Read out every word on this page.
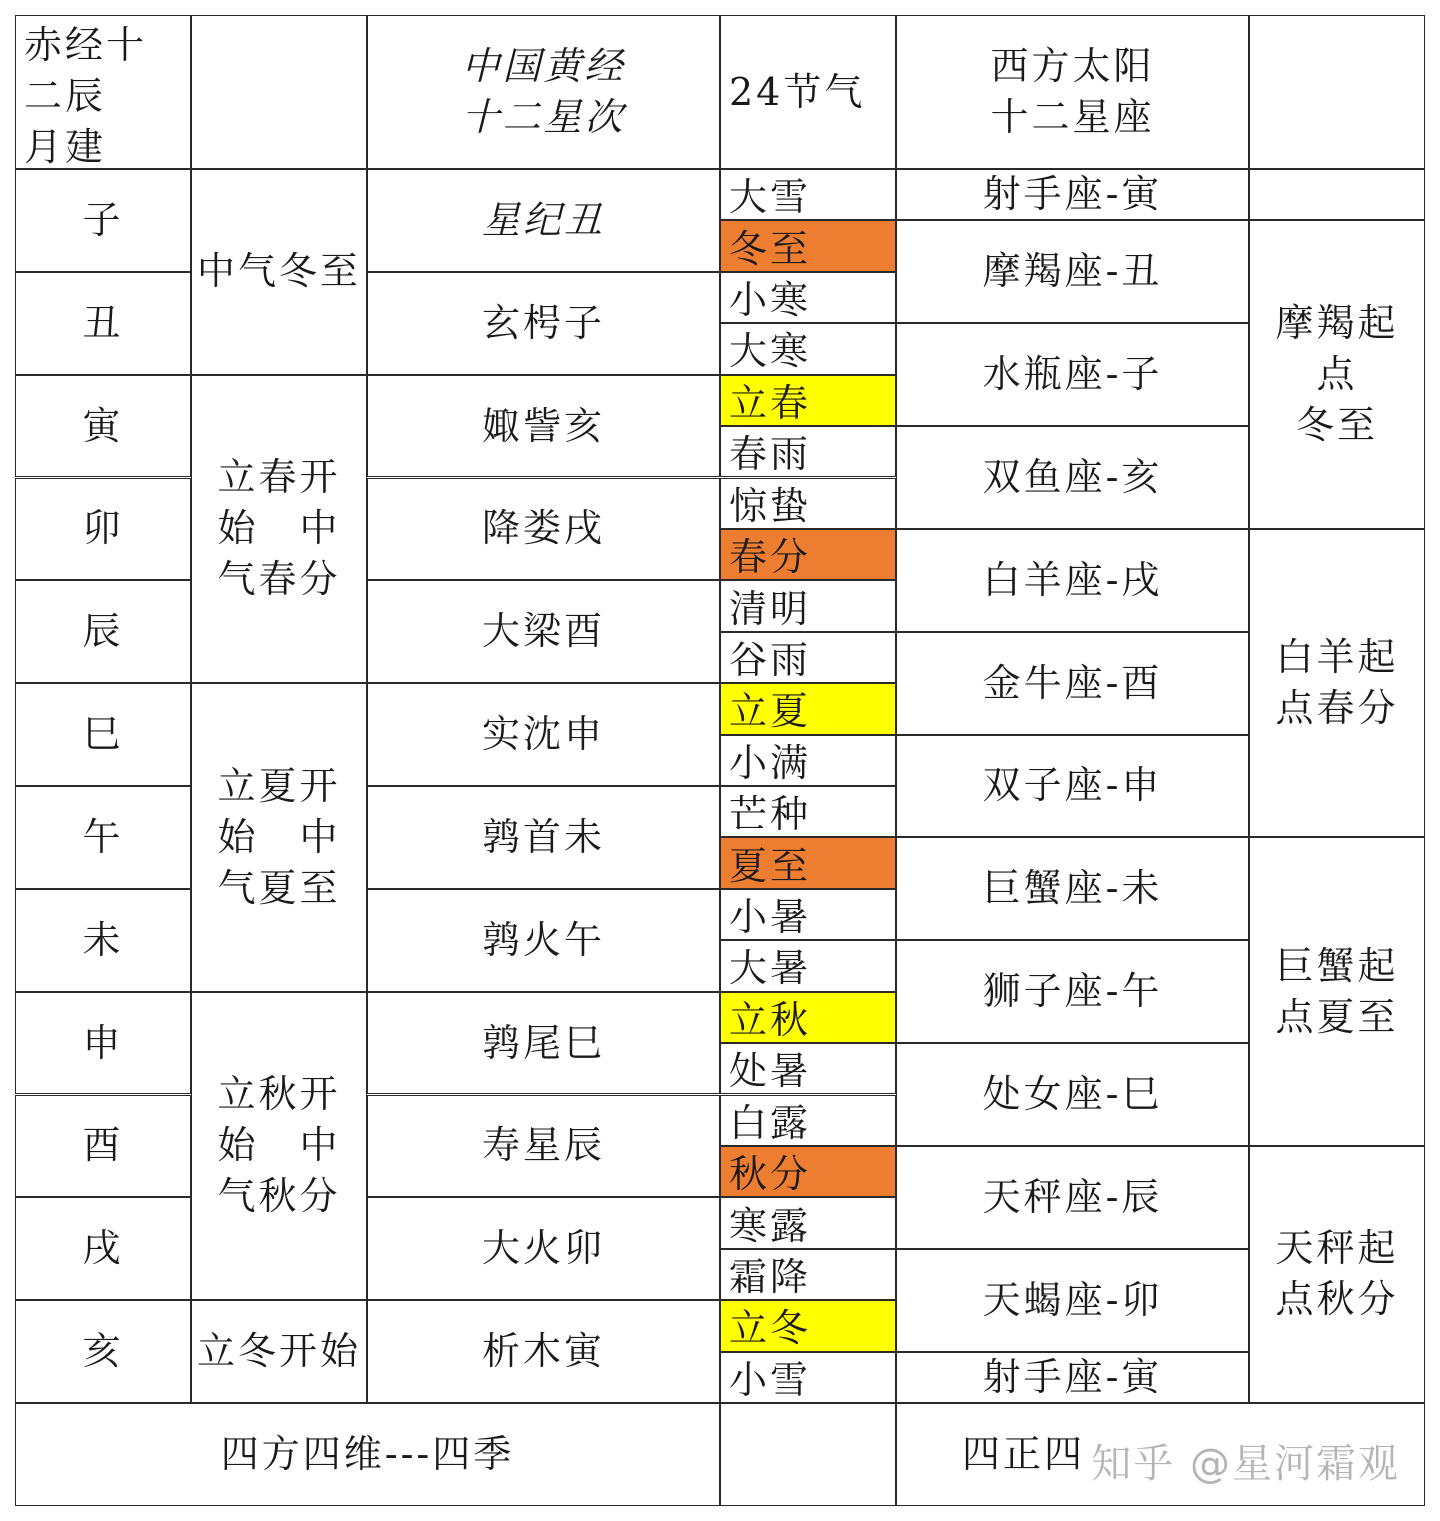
赤经十
二辰
月建
中国黄经
十二星次
24节气
西方太阳
十二星座
子
丑
寅
卯
辰
巳
午
未
申
酉
戌
亥
中气冬至
立春开
始　中
气春分
立夏开
始　中
气夏至
立秋开
始　中
气秋分
立冬开始
星纪丑
玄枵子
娵訾亥
降娄戌
大梁酉
实沈申
鹑首未
鹑火午
鹑尾巳
寿星辰
大火卯
析木寅
大雪
冬至
小寒
大寒
立春
春雨
惊蛰
春分
清明
谷雨
立夏
小满
芒种
夏至
小暑
大暑
立秋
处暑
白露
秋分
寒露
霜降
立冬
小雪
射手座-寅
摩羯座-丑
水瓶座-子
双鱼座-亥
白羊座-戌
金牛座-酉
双子座-申
巨蟹座-未
狮子座-午
处女座-巳
天秤座-辰
天蝎座-卯
射手座-寅
摩羯起
点
冬至
白羊起
点春分
巨蟹起
点夏至
天秤起
点秋分
四方四维---四季	四正四 知乎 @星河霜观
